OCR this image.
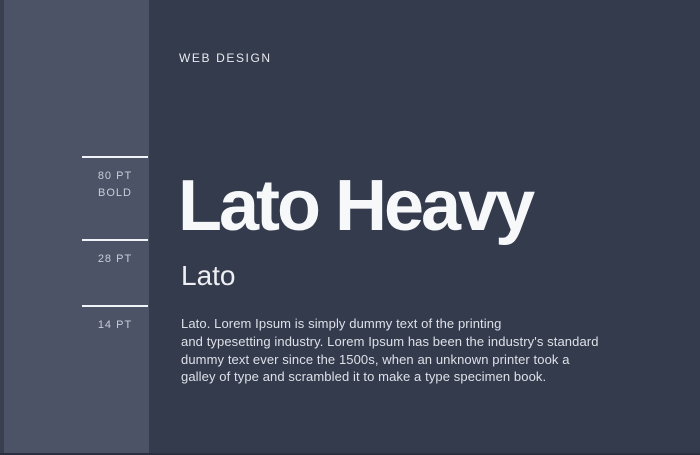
80 PT
BOLD
28 PT
14 PT
WEB DESIGN
Lato Heavy
Lato
Lato. Lorem Ipsum is simply dummy text of the printing
and typesetting industry. Lorem Ipsum has been the industry's standard
dummy text ever since the 1500s, when an unknown printer took a
galley of type and scrambled it to make a type specimen book.
